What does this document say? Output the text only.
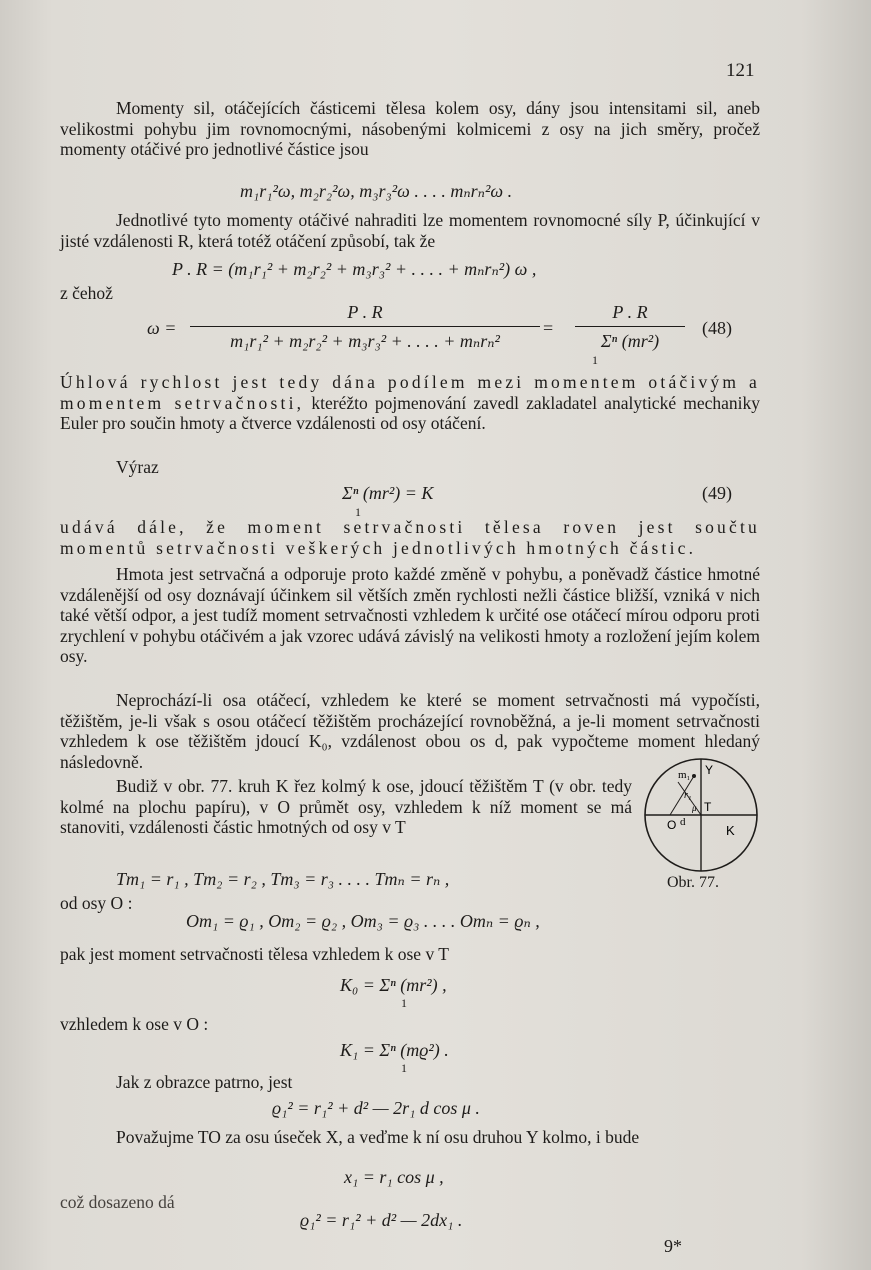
121

Momenty sil, otáčejících částicemi tělesa kolem osy, dány jsou intensitami sil, aneb velikostmi pohybu jim rovnomocnými, násobenými kolmicemi z osy na jich směry, pročež momenty otáčivé pro jednotlivé částice jsou

m₁r₁²ω, m₂r₂²ω, m₃r₃²ω . . . . mₙrₙ²ω .

Jednotlivé tyto momenty otáčivé nahraditi lze momentem rovnomocné síly P, účinkující v jisté vzdálenosti R, která totéž otáčení způsobí, tak že

P . R = (m₁r₁² + m₂r₂² + m₃r₃² + . . . . + mₙrₙ²) ω ,
z čehož
ω =
P . R
m₁r₁² + m₂r₂² + m₃r₃² + . . . . + mₙrₙ²
=
P . R
Σⁿ (mr²)
1
(48)

Úhlová rychlost jest tedy dána podílem mezi momentem otáčivým a momentem setrvačnosti, kteréžto pojmenování zavedl zakladatel analytické mechaniky Euler pro součin hmoty a čtverce vzdálenosti od osy otáčení.

Výraz
Σⁿ (mr²) = K
1
(49)

udává dále, že moment setrvačnosti tělesa roven jest součtu momentů setrvačnosti veškerých jednotlivých hmotných částic.

Hmota jest setrvačná a odporuje proto každé změně v pohybu, a poněvadž částice hmotné vzdálenější od osy doznávají účinkem sil větších změn rychlosti nežli částice bližší, vzniká v nich také větší odpor, a jest tudíž moment setrvačnosti vzhledem k určité ose otáčecí mírou odporu proti zrychlení v pohybu otáčivém a jak vzorec udává závislý na velikosti hmoty a rozložení jejím kolem osy.

Neprochází-li osa otáčecí, vzhledem ke které se moment setrvačnosti má vypočísti, těžištěm, je-li však s osou otáčecí těžištěm procházející rovnoběžná, a je-li moment setrvačnosti vzhledem k ose těžištěm jdoucí K₀, vzdálenost obou os d, pak vypočteme moment hledaný následovně.

Budiž v obr. 77. kruh K řez kolmý k ose, jdoucí těžištěm T (v obr. tedy kolmé na plochu papíru), v O průmět osy, vzhledem k níž moment se má stanoviti, vzdálenosti částic hmotných od osy v T

m₁ Y
r₁
μ T
O d
K
Obr. 77.
Tm₁ = r₁ , Tm₂ = r₂ , Tm₃ = r₃ . . . . Tmₙ = rₙ ,
od osy O :
Om₁ = ϱ₁ , Om₂ = ϱ₂ , Om₃ = ϱ₃ . . . . Omₙ = ϱₙ ,
pak jest moment setrvačnosti tělesa vzhledem k ose v T
K₀ = Σⁿ (mr²) ,
1
vzhledem k ose v O :
K₁ = Σⁿ (mϱ²) .
1
Jak z obrazce patrno, jest
ϱ₁² = r₁² + d² — 2r₁ d cos μ .

Považujme TO za osu úseček X, a veďme k ní osu druhou Y kolmo, i bude

x₁ = r₁ cos μ ,
což dosazeno dá
ϱ₁² = r₁² + d² — 2dx₁ .
9*
